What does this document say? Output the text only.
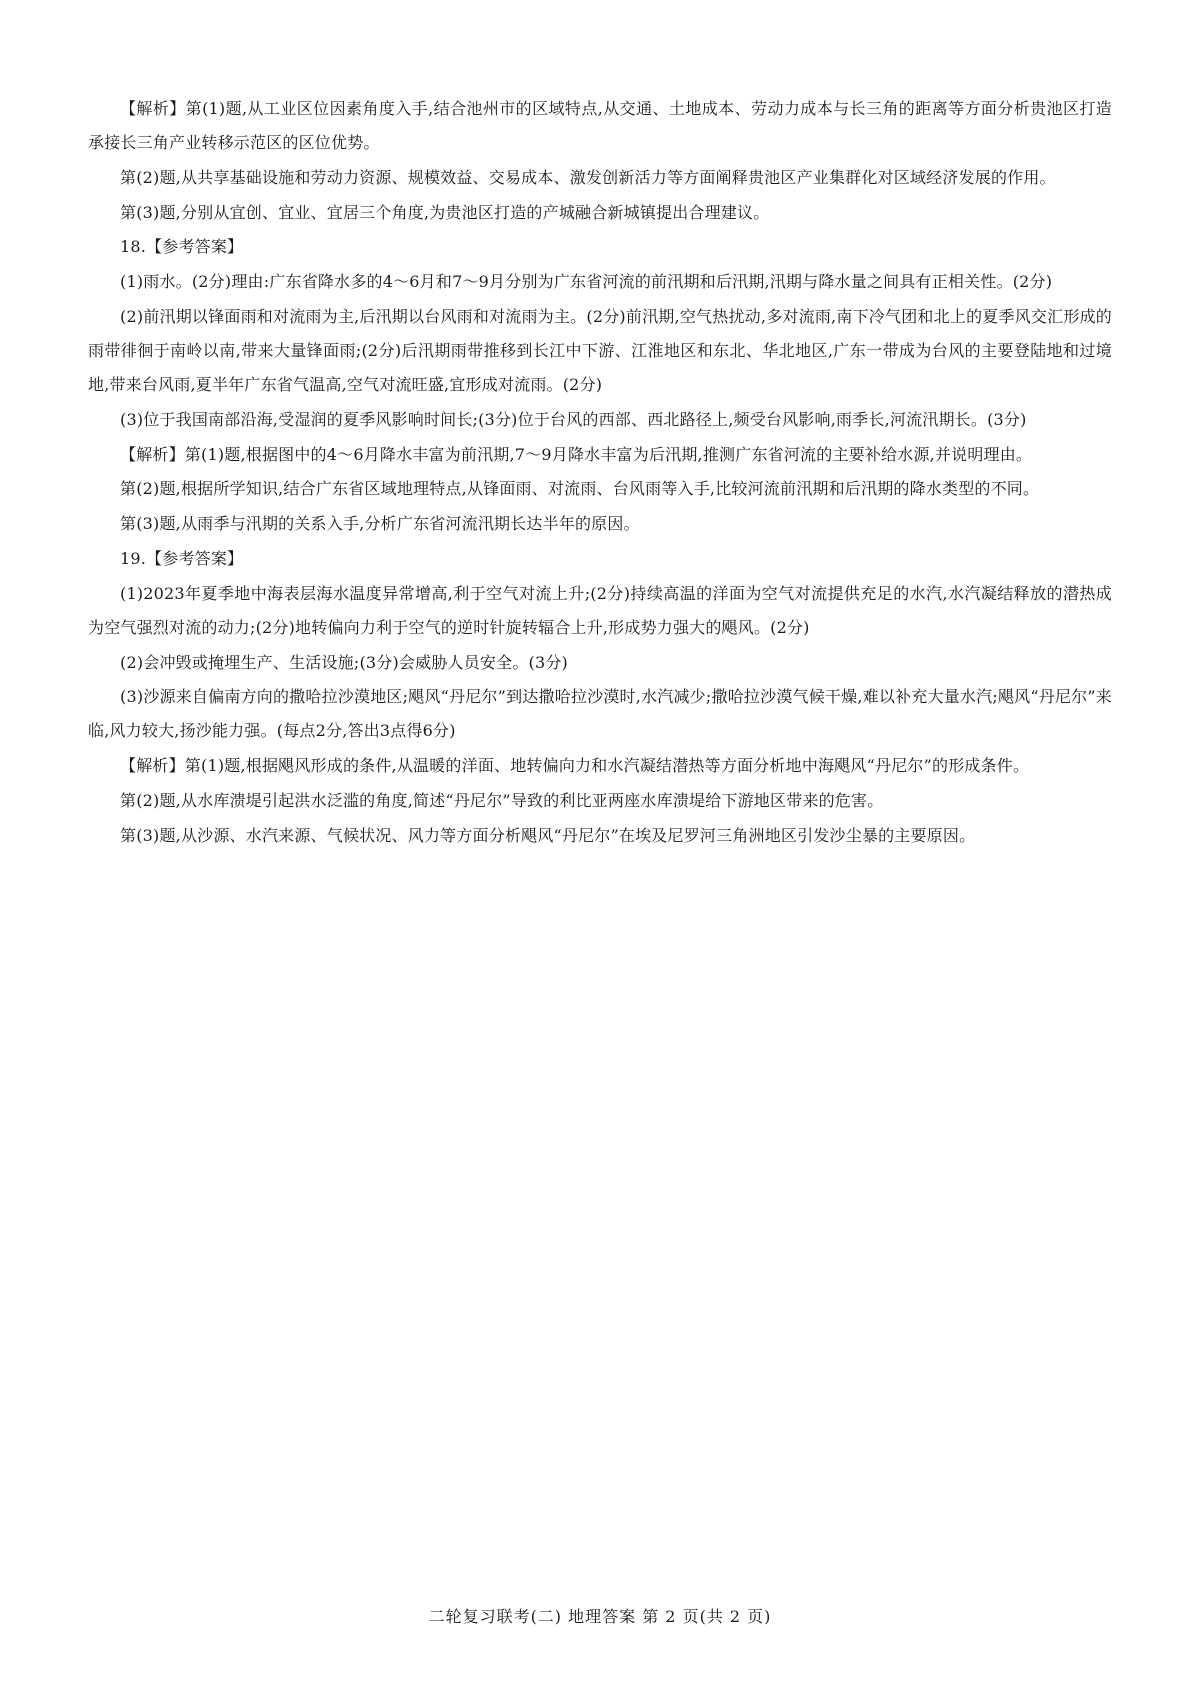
【解析】第(1)题,从工业区位因素角度入手,结合池州市的区域特点,从交通、土地成本、劳动力成本与长三角的距离等方面分析贵池区打造承接长三角产业转移示范区的区位优势。

第(2)题,从共享基础设施和劳动力资源、规模效益、交易成本、激发创新活力等方面阐释贵池区产业集群化对区域经济发展的作用。

第(3)题,分别从宜创、宜业、宜居三个角度,为贵池区打造的产城融合新城镇提出合理建议。

18.【参考答案】

(1)雨水。(2分)理由:广东省降水多的4～6月和7～9月分别为广东省河流的前汛期和后汛期,汛期与降水量之间具有正相关性。(2分)

(2)前汛期以锋面雨和对流雨为主,后汛期以台风雨和对流雨为主。(2分)前汛期,空气热扰动,多对流雨,南下冷气团和北上的夏季风交汇形成的雨带徘徊于南岭以南,带来大量锋面雨;(2分)后汛期雨带推移到长江中下游、江淮地区和东北、华北地区,广东一带成为台风的主要登陆地和过境地,带来台风雨,夏半年广东省气温高,空气对流旺盛,宜形成对流雨。(2分)

(3)位于我国南部沿海,受湿润的夏季风影响时间长;(3分)位于台风的西部、西北路径上,频受台风影响,雨季长,河流汛期长。(3分)

【解析】第(1)题,根据图中的4～6月降水丰富为前汛期,7～9月降水丰富为后汛期,推测广东省河流的主要补给水源,并说明理由。

第(2)题,根据所学知识,结合广东省区域地理特点,从锋面雨、对流雨、台风雨等入手,比较河流前汛期和后汛期的降水类型的不同。

第(3)题,从雨季与汛期的关系入手,分析广东省河流汛期长达半年的原因。

19.【参考答案】

(1)2023年夏季地中海表层海水温度异常增高,利于空气对流上升;(2分)持续高温的洋面为空气对流提供充足的水汽,水汽凝结释放的潜热成为空气强烈对流的动力;(2分)地转偏向力利于空气的逆时针旋转辐合上升,形成势力强大的飓风。(2分)

(2)会冲毁或掩埋生产、生活设施;(3分)会威胁人员安全。(3分)

(3)沙源来自偏南方向的撒哈拉沙漠地区;飓风“丹尼尔”到达撒哈拉沙漠时,水汽减少;撒哈拉沙漠气候干燥,难以补充大量水汽;飓风“丹尼尔”来临,风力较大,扬沙能力强。(每点2分,答出3点得6分)

【解析】第(1)题,根据飓风形成的条件,从温暖的洋面、地转偏向力和水汽凝结潜热等方面分析地中海飓风“丹尼尔”的形成条件。

第(2)题,从水库溃堤引起洪水泛滥的角度,简述“丹尼尔”导致的利比亚两座水库溃堤给下游地区带来的危害。

第(3)题,从沙源、水汽来源、气候状况、风力等方面分析飓风“丹尼尔”在埃及尼罗河三角洲地区引发沙尘暴的主要原因。

二轮复习联考(二) 地理答案 第 2 页(共 2 页)
